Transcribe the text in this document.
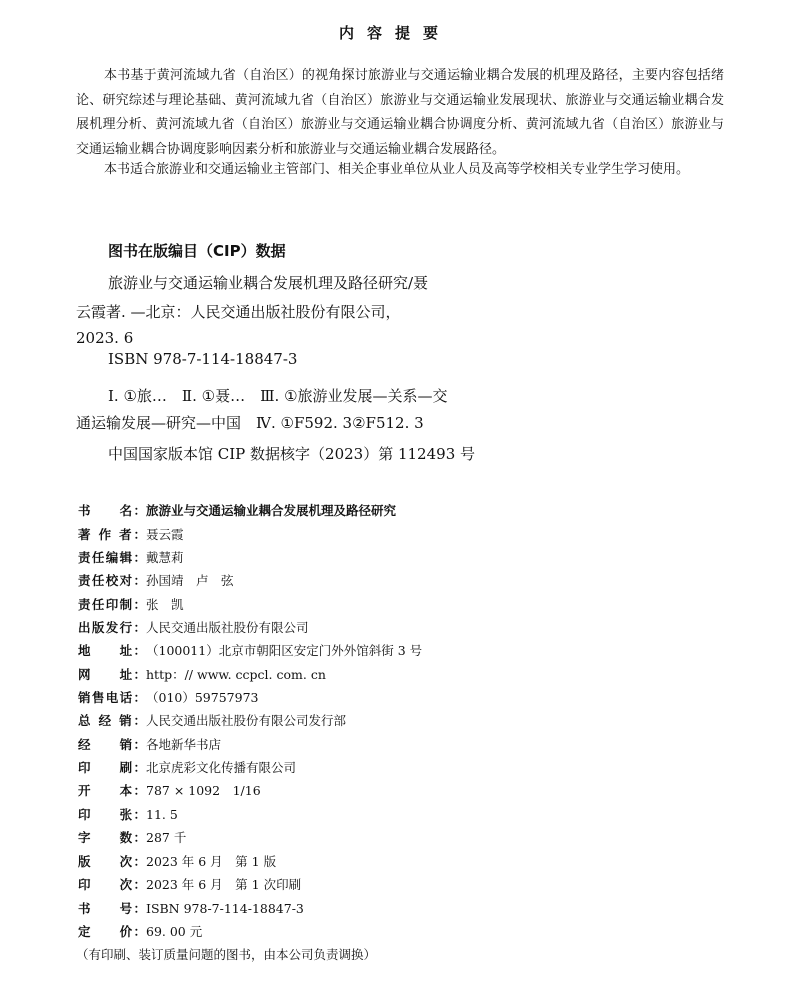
内容提要
本书基于黄河流域九省（自治区）的视角探讨旅游业与交通运输业耦合发展的机理及路径，主要内容包括绪论、研究综述与理论基础、黄河流域九省（自治区）旅游业与交通运输业发展现状、旅游业与交通运输业耦合发展机理分析、黄河流域九省（自治区）旅游业与交通运输业耦合协调度分析、黄河流域九省（自治区）旅游业与交通运输业耦合协调度影响因素分析和旅游业与交通运输业耦合发展路径。
本书适合旅游业和交通运输业主管部门、相关企事业单位从业人员及高等学校相关专业学生学习使用。
图书在版编目（CIP）数据
旅游业与交通运输业耦合发展机理及路径研究/聂
云霞著. —北京：人民交通出版社股份有限公司，
2023. 6
ISBN 978-7-114-18847-3
Ⅰ. ①旅…　Ⅱ. ①聂…　Ⅲ. ①旅游业发展—关系—交
通运输发展—研究—中国　Ⅳ. ①F592. 3②F512. 3
中国国家版本馆 CIP 数据核字（2023）第 112493 号
书　　名：旅游业与交通运输业耦合发展机理及路径研究
著 作 者：聂云霞
责任编辑：戴慧莉
责任校对：孙国靖　卢　弦
责任印制：张　凯
出版发行：人民交通出版社股份有限公司
地　　址：（100011）北京市朝阳区安定门外外馆斜街 3 号
网　　址：http：// www. ccpcl. com. cn
销售电话：（010）59757973
总 经 销：人民交通出版社股份有限公司发行部
经　　销：各地新华书店
印　　刷：北京虎彩文化传播有限公司
开　　本：787 × 1092　1/16
印　　张：11. 5
字　　数：287 千
版　　次：2023 年 6 月　第 1 版
印　　次：2023 年 6 月　第 1 次印刷
书　　号：ISBN 978-7-114-18847-3
定　　价：69. 00 元
（有印刷、装订质量问题的图书，由本公司负责调换）
